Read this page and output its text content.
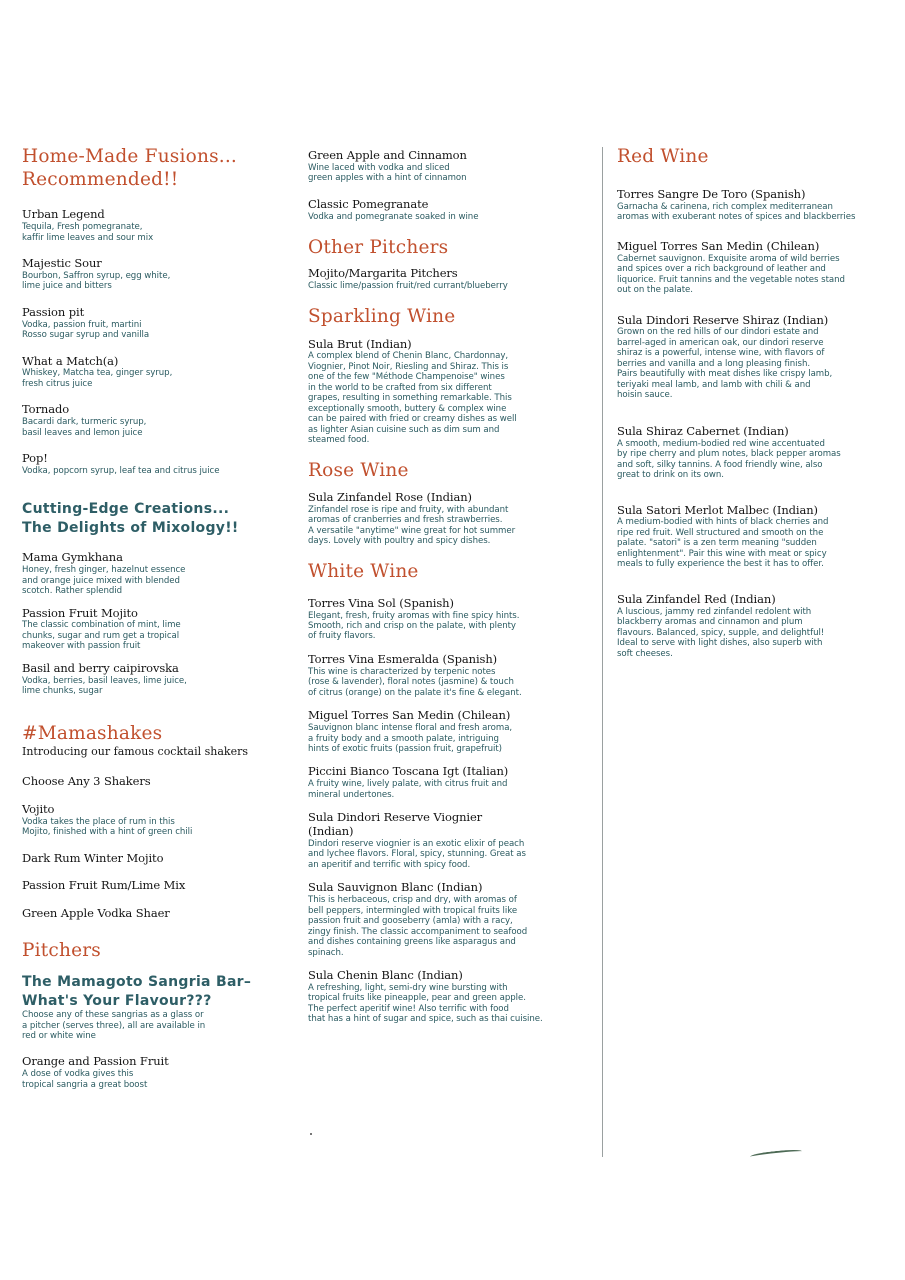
Home-Made Fusions...
Recommended!!
Urban Legend
Tequila, Fresh pomegranate,
kaffir lime leaves and sour mix
Majestic Sour
Bourbon, Saffron syrup, egg white,
lime juice and bitters
Passion pit
Vodka, passion fruit, martini
Rosso sugar syrup and vanilla
What a Match(a)
Whiskey, Matcha tea, ginger syrup,
fresh citrus juice
Tornado
Bacardi dark, turmeric syrup,
basil leaves and lemon juice
Pop!
Vodka, popcorn syrup, leaf tea and citrus juice
Cutting-Edge Creations...
The Delights of Mixology!!
Mama Gymkhana
Honey, fresh ginger, hazelnut essence
and orange juice mixed with blended
scotch. Rather splendid
Passion Fruit Mojito
The classic combination of mint, lime
chunks, sugar and rum get a tropical
makeover with passion fruit
Basil and berry caipirovska
Vodka, berries, basil leaves, lime juice,
lime chunks, sugar
#Mamashakes
Introducing our famous cocktail shakers
Choose Any 3 Shakers
Vojito
Vodka takes the place of rum in this
Mojito, finished with a hint of green chili
Dark Rum Winter Mojito
Passion Fruit Rum/Lime Mix
Green Apple Vodka Shaer
Pitchers
The Mamagoto Sangria Bar–
What's Your Flavour???
Choose any of these sangrias as a glass or
a pitcher (serves three), all are available in
red or white wine
Orange and Passion Fruit
A dose of vodka gives this
tropical sangria a great boost
Green Apple and Cinnamon
Wine laced with vodka and sliced
green apples with a hint of cinnamon
Classic Pomegranate
Vodka and pomegranate soaked in wine
Other Pitchers
Mojito/Margarita Pitchers
Classic lime/passion fruit/red currant/blueberry
Sparkling Wine
Sula Brut (Indian)
A complex blend of Chenin Blanc, Chardonnay,
Viognier, Pinot Noir, Riesling and Shiraz. This is
one of the few "Méthode Champenoise" wines
in the world to be crafted from six different
grapes, resulting in something remarkable. This
exceptionally smooth, buttery & complex wine
can be paired with fried or creamy dishes as well
as lighter Asian cuisine such as dim sum and
steamed food.
Rose Wine
Sula Zinfandel Rose (Indian)
Zinfandel rose is ripe and fruity, with abundant
aromas of cranberries and fresh strawberries.
A versatile "anytime" wine great for hot summer
days. Lovely with poultry and spicy dishes.
White Wine
Torres Vina Sol (Spanish)
Elegant, fresh, fruity aromas with fine spicy hints.
Smooth, rich and crisp on the palate, with plenty
of fruity flavors.
Torres Vina Esmeralda (Spanish)
This wine is characterized by terpenic notes
(rose & lavender), floral notes (jasmine) & touch
of citrus (orange) on the palate it's fine & elegant.
Miguel Torres San Medin (Chilean)
Sauvignon blanc intense floral and fresh aroma,
a fruity body and a smooth palate, intriguing
hints of exotic fruits (passion fruit, grapefruit)
Piccini Bianco Toscana Igt (Italian)
A fruity wine, lively palate, with citrus fruit and
mineral undertones.
Sula Dindori Reserve Viognier (Indian)
Dindori reserve viognier is an exotic elixir of peach
and lychee flavors. Floral, spicy, stunning. Great as
an aperitif and terrific with spicy food.
Sula Sauvignon Blanc (Indian)
This is herbaceous, crisp and dry, with aromas of
bell peppers, intermingled with tropical fruits like
passion fruit and gooseberry (amla) with a racy,
zingy finish. The classic accompaniment to seafood
and dishes containing greens like asparagus and
spinach.
Sula Chenin Blanc (Indian)
A refreshing, light, semi-dry wine bursting with
tropical fruits like pineapple, pear and green apple.
The perfect aperitif wine! Also terrific with food
that has a hint of sugar and spice, such as thai cuisine.
Red Wine
Torres Sangre De Toro (Spanish)
Garnacha & carinena, rich complex mediterranean
aromas with exuberant notes of spices and blackberries
Miguel Torres San Medin (Chilean)
Cabernet sauvignon. Exquisite aroma of wild berries
and spices over a rich background of leather and
liquorice. Fruit tannins and the vegetable notes stand
out on the palate.
Sula Dindori Reserve Shiraz (Indian)
Grown on the red hills of our dindori estate and
barrel-aged in american oak, our dindori reserve
shiraz is a powerful, intense wine, with flavors of
berries and vanilla and a long pleasing finish.
Pairs beautifully with meat dishes like crispy lamb,
teriyaki meal lamb, and lamb with chili & and
hoisin sauce.
Sula Shiraz Cabernet (Indian)
A smooth, medium-bodied red wine accentuated
by ripe cherry and plum notes, black pepper aromas
and soft, silky tannins. A food friendly wine, also
great to drink on its own.
Sula Satori Merlot Malbec (Indian)
A medium-bodied with hints of black cherries and
ripe red fruit. Well structured and smooth on the
palate. "satori" is a zen term meaning "sudden
enlightenment". Pair this wine with meat or spicy
meals to fully experience the best it has to offer.
Sula Zinfandel Red (Indian)
A luscious, jammy red zinfandel redolent with
blackberry aromas and cinnamon and plum
flavours. Balanced, spicy, supple, and delightful!
Ideal to serve with light dishes, also superb with
soft cheeses.
